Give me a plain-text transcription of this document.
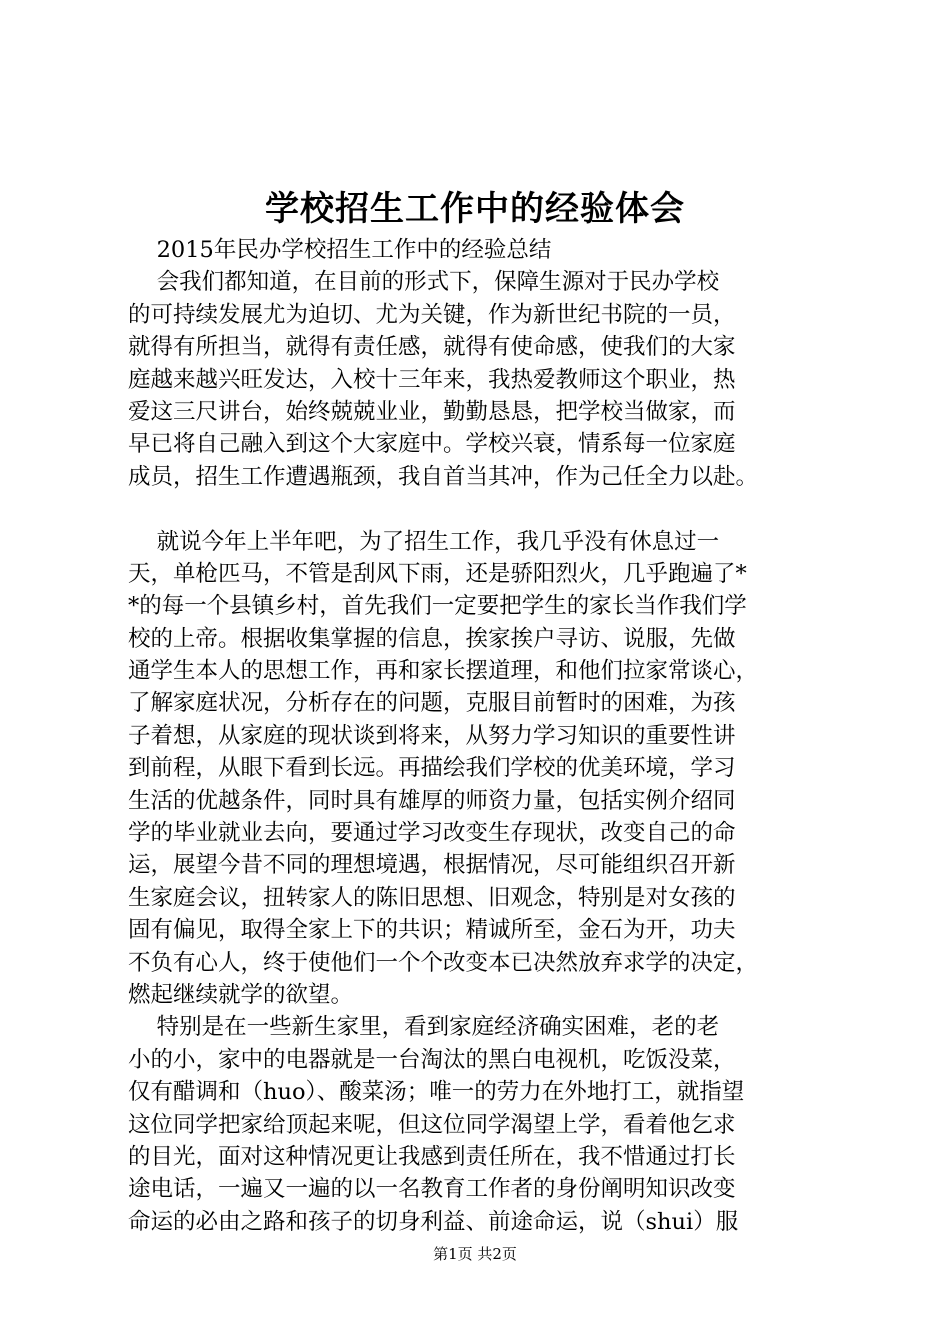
学校招生工作中的经验体会
2015年民办学校招生工作中的经验总结
会我们都知道，在目前的形式下，保障生源对于民办学校
的可持续发展尤为迫切、尤为关键，作为新世纪书院的一员，
就得有所担当，就得有责任感，就得有使命感，使我们的大家
庭越来越兴旺发达，入校十三年来，我热爱教师这个职业，热
爱这三尺讲台，始终兢兢业业，勤勤恳恳，把学校当做家，而
早已将自己融入到这个大家庭中。学校兴衰，情系每一位家庭
成员，招生工作遭遇瓶颈，我自首当其冲，作为己任全力以赴。
就说今年上半年吧，为了招生工作，我几乎没有休息过一
天，单枪匹马，不管是刮风下雨，还是骄阳烈火，几乎跑遍了*
*的每一个县镇乡村，首先我们一定要把学生的家长当作我们学
校的上帝。根据收集掌握的信息，挨家挨户寻访、说服，先做
通学生本人的思想工作，再和家长摆道理，和他们拉家常谈心，
了解家庭状况，分析存在的问题，克服目前暂时的困难，为孩
子着想，从家庭的现状谈到将来，从努力学习知识的重要性讲
到前程，从眼下看到长远。再描绘我们学校的优美环境，学习
生活的优越条件，同时具有雄厚的师资力量，包括实例介绍同
学的毕业就业去向，要通过学习改变生存现状，改变自己的命
运，展望今昔不同的理想境遇，根据情况，尽可能组织召开新
生家庭会议，扭转家人的陈旧思想、旧观念，特别是对女孩的
固有偏见，取得全家上下的共识；精诚所至，金石为开，功夫
不负有心人，终于使他们一个个改变本已决然放弃求学的决定，
燃起继续就学的欲望。
特别是在一些新生家里，看到家庭经济确实困难，老的老
小的小，家中的电器就是一台淘汰的黑白电视机，吃饭没菜，
仅有醋调和（huo）、酸菜汤；唯一的劳力在外地打工，就指望
这位同学把家给顶起来呢，但这位同学渴望上学，看着他乞求
的目光，面对这种情况更让我感到责任所在，我不惜通过打长
途电话，一遍又一遍的以一名教育工作者的身份阐明知识改变
命运的必由之路和孩子的切身利益、前途命运，说（shui）服
第1页 共2页
